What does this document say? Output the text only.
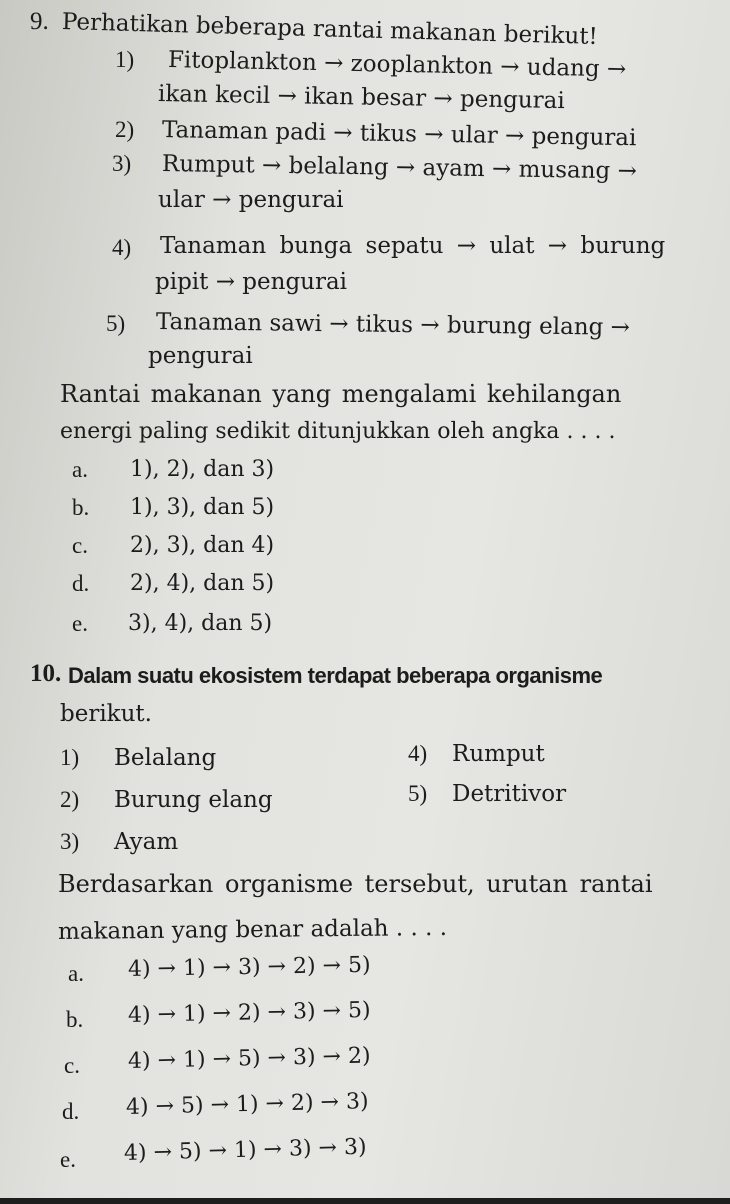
9. Perhatikan beberapa rantai makanan berikut!
1) Fitoplankton → zooplankton → udang →
ikan kecil → ikan besar → pengurai
2) Tanaman padi → tikus → ular → pengurai
3) Rumput → belalang → ayam → musang →
ular → pengurai
4) Tanaman bunga sepatu → ulat → burung
pipit → pengurai
5) Tanaman sawi → tikus → burung elang →
pengurai
Rantai makanan yang mengalami kehilangan
energi paling sedikit ditunjukkan oleh angka . . . .
a. 1), 2), dan 3)
b. 1), 3), dan 5)
c. 2), 3), dan 4)
d. 2), 4), dan 5)
e. 3), 4), dan 5)
10. Dalam suatu ekosistem terdapat beberapa organisme
berikut.
1) Belalang
2) Burung elang
3) Ayam
4) Rumput
5) Detritivor
Berdasarkan organisme tersebut, urutan rantai
makanan yang benar adalah . . . .
a. 4) → 1) → 3) → 2) → 5)
b. 4) → 1) → 2) → 3) → 5)
c. 4) → 1) → 5) → 3) → 2)
d. 4) → 5) → 1) → 2) → 3)
e. 4) → 5) → 1) → 3) → 3)
